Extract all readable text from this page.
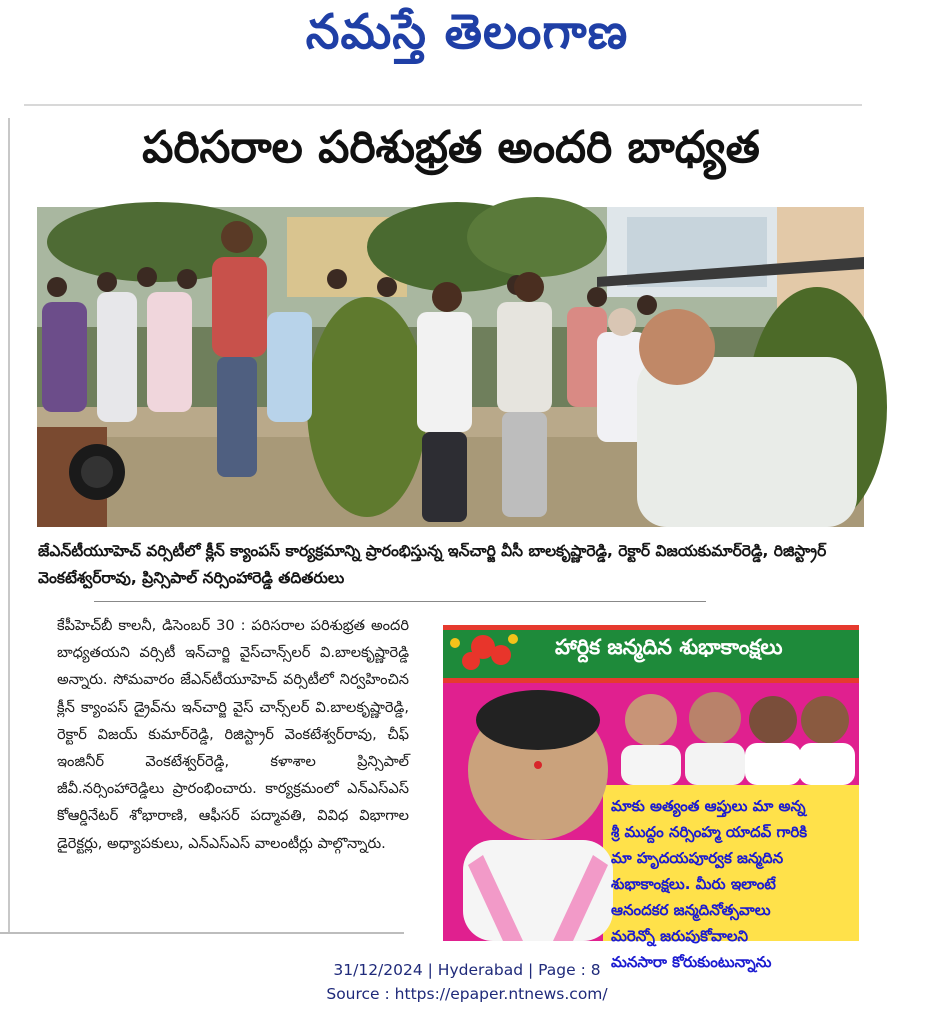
నమస్తే తెలంగాణ
పరిసరాల పరిశుభ్రత అందరి బాధ్యత

జేఎన్‌టీయూహెచ్ వర్సిటీలో క్లీన్ క్యాంపస్ కార్యక్రమాన్ని ప్రారంభిస్తున్న ఇన్‌చార్జి వీసీ బాలకృష్ణారెడ్డి, రెక్టార్ విజయకుమార్‌రెడ్డి, రిజిస్ట్రార్ వెంకటేశ్వర్‌రావు, ప్రిన్సిపాల్ నర్సింహారెడ్డి తదితరులు

కేపీహెచ్‌బీ కాలనీ, డిసెంబర్ 30 : పరిసరాల పరిశుభ్రత అందరి బాధ్యతయని వర్సిటీ ఇన్‌చార్జి వైస్‌చాన్స్‌లర్ వి.బాలకృష్ణారెడ్డి అన్నారు. సోమవారం జేఎన్‌టీయూహెచ్ వర్సిటీలో నిర్వహించిన క్లీన్ క్యాంపస్ డ్రైవ్‌ను ఇన్‌చార్జి వైస్ చాన్స్‌లర్ వి.బాలకృష్ణారెడ్డి, రెక్టార్ విజయ్ కుమార్‌రెడ్డి, రిజిస్ట్రార్ వెంకటేశ్వర్‌రావు, చీఫ్ ఇంజినీర్ వెంకటేశ్వర్‌రెడ్డి, కళాశాల ప్రిన్సిపాల్ జీవీ.నర్సింహారెడ్డిలు ప్రారంభించారు. కార్యక్రమంలో ఎన్‌ఎస్‌ఎస్ కోఆర్డినేటర్ శోభారాణి, ఆఫీసర్ పద్మావతి, వివిధ విభాగాల డైరెక్టర్లు, అధ్యాపకులు, ఎన్‌ఎస్‌ఎస్ వాలంటీర్లు పాల్గొన్నారు.

హార్దిక జన్మదిన శుభాకాంక్షలు
మాకు అత్యంత ఆప్తులు మా అన్న
శ్రీ ముద్దం నర్సింహ్మ యాదవ్ గారికి
మా హృదయపూర్వక జన్మదిన
శుభాకాంక్షలు. మీరు ఇలాంటే
ఆనందకర జన్మదినోత్సవాలు
మరెన్నో జరుపుకోవాలని
మనసారా కోరుకుంటున్నాను
31/12/2024 | Hyderabad | Page : 8
Source : https://epaper.ntnews.com/
